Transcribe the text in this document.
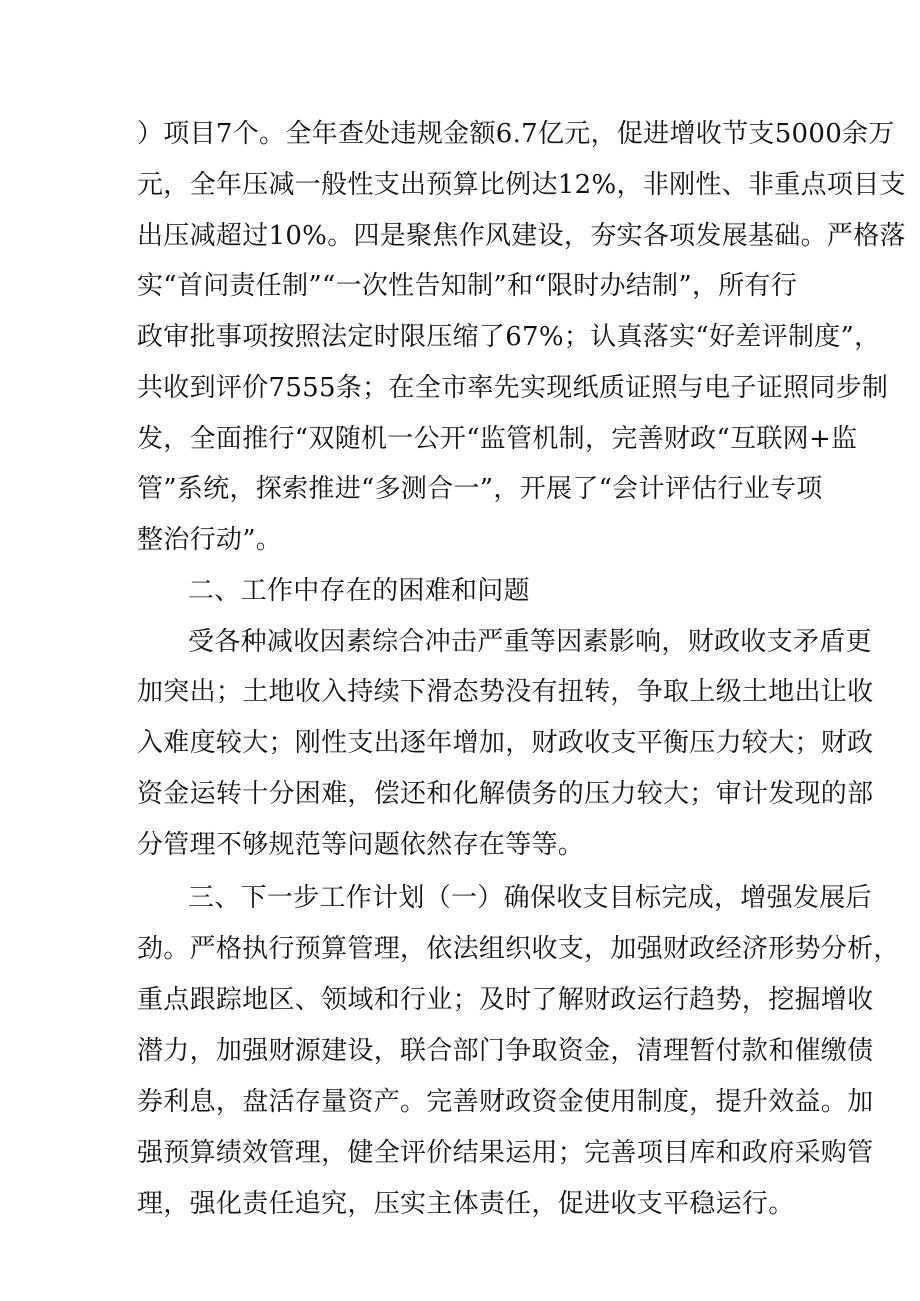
）项目7个。全年查处违规金额6.7亿元，促进增收节支5000余万
元，全年压减一般性支出预算比例达12%，非刚性、非重点项目支
出压减超过10%。四是聚焦作风建设，夯实各项发展基础。严格落
实“首问责任制”“一次性告知制”和“限时办结制”，所有行
政审批事项按照法定时限压缩了67%；认真落实“好差评制度”，
共收到评价7555条；在全市率先实现纸质证照与电子证照同步制
发，全面推行“双随机一公开“监管机制，完善财政“互联网+监
管”系统，探索推进“多测合一”，开展了“会计评估行业专项
整治行动”。
二、工作中存在的困难和问题
受各种减收因素综合冲击严重等因素影响，财政收支矛盾更
加突出；土地收入持续下滑态势没有扭转，争取上级土地出让收
入难度较大；刚性支出逐年增加，财政收支平衡压力较大；财政
资金运转十分困难，偿还和化解债务的压力较大；审计发现的部
分管理不够规范等问题依然存在等等。
三、下一步工作计划（一）确保收支目标完成，增强发展后
劲。严格执行预算管理，依法组织收支，加强财政经济形势分析，
重点跟踪地区、领域和行业；及时了解财政运行趋势，挖掘增收
潜力，加强财源建设，联合部门争取资金，清理暂付款和催缴债
券利息，盘活存量资产。完善财政资金使用制度，提升效益。加
强预算绩效管理，健全评价结果运用；完善项目库和政府采购管
理，强化责任追究，压实主体责任，促进收支平稳运行。
